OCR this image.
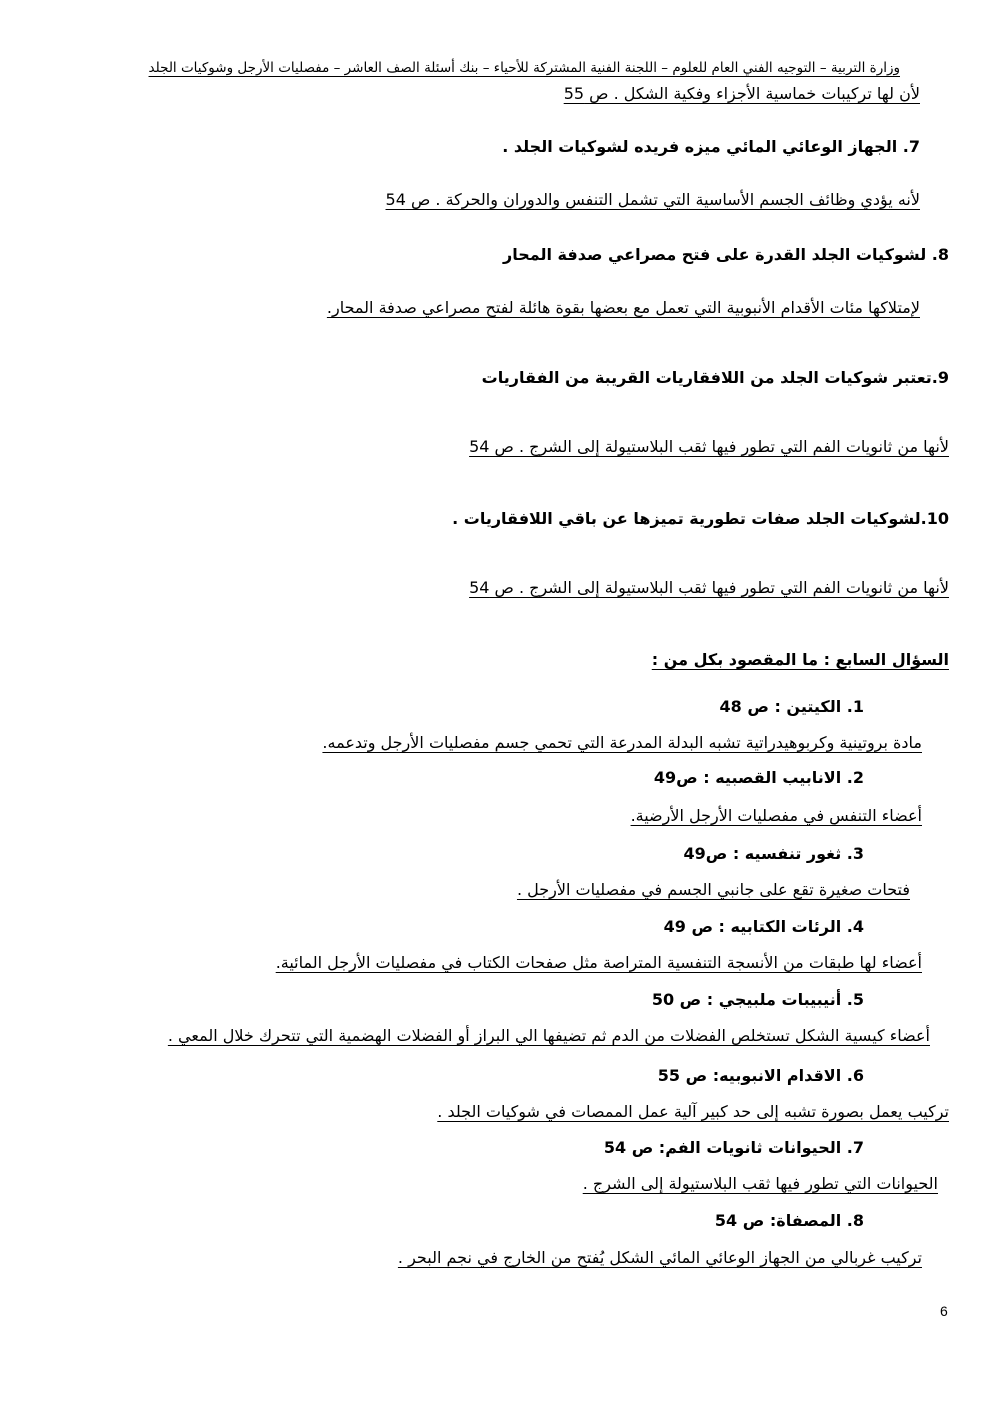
وزارة التربية – التوجيه الفني العام للعلوم – اللجنة الفنية المشتركة للأحياء – بنك أسئلة الصف العاشر – مفصليات الأرجل وشوكيات الجلد
لأن لها تركيبات خماسية الأجزاء وفكية الشكل . ص 55
7. الجهاز الوعائي المائي ميزه فريده لشوكيات الجلد .
لأنه يؤدي وظائف الجسم الأساسية التي تشمل التنفس والدوران والحركة . ص 54
8. لشوكيات الجلد القدرة على فتح مصراعي صدفة المحار
لإمتلاكها مئات الأقدام الأنبوبية التي تعمل مع بعضها بقوة هائلة لفتح مصراعي صدفة المحار.
9.تعتبر شوكيات الجلد من اللافقاريات القريبة من الفقاريات
لأنها من ثانويات الفم التي تطور فيها ثقب البلاستيولة إلى الشرج . ص 54
10.لشوكيات الجلد صفات تطورية تميزها عن باقي اللافقاريات .
لأنها من ثانويات الفم التي تطور فيها ثقب البلاستيولة إلى الشرج . ص 54
السؤال السابع : ما المقصود بكل من :
1. الكيتين : ص 48
مادة بروتينية وكربوهيدراتية تشبه البدلة المدرعة التي تحمي جسم مفصليات الأرجل وتدعمه.
2. الانابيب القصبيه : ص49
أعضاء التنفس في مفصليات الأرجل الأرضية.
3. ثغور تنفسيه : ص49
فتحات صغيرة تقع على جانبي الجسم في مفصليات الأرجل .
4. الرئات الكتابيه : ص 49
أعضاء لها طبقات من الأنسجة التنفسية المتراصة مثل صفحات الكتاب في مفصليات الأرجل المائية.
5. أنيبيبات ملبيجي : ص 50
أعضاء كيسية الشكل تستخلص الفضلات من الدم ثم تضيفها الي البراز أو الفضلات الهضمية التي تتحرك خلال المعي .
6. الاقدام الانبوبيه: ص 55
تركيب يعمل بصورة تشبه إلى حد كبير آلية عمل الممصات في شوكيات الجلد .
7. الحيوانات ثانويات الفم: ص 54
الحيوانات التي تطور فيها ثقب البلاستيولة إلى الشرج .
8. المصفاة: ص 54
تركيب غربالي من الجهاز الوعائي المائي الشكل يُفتح من الخارج في نجم البحر .
6
